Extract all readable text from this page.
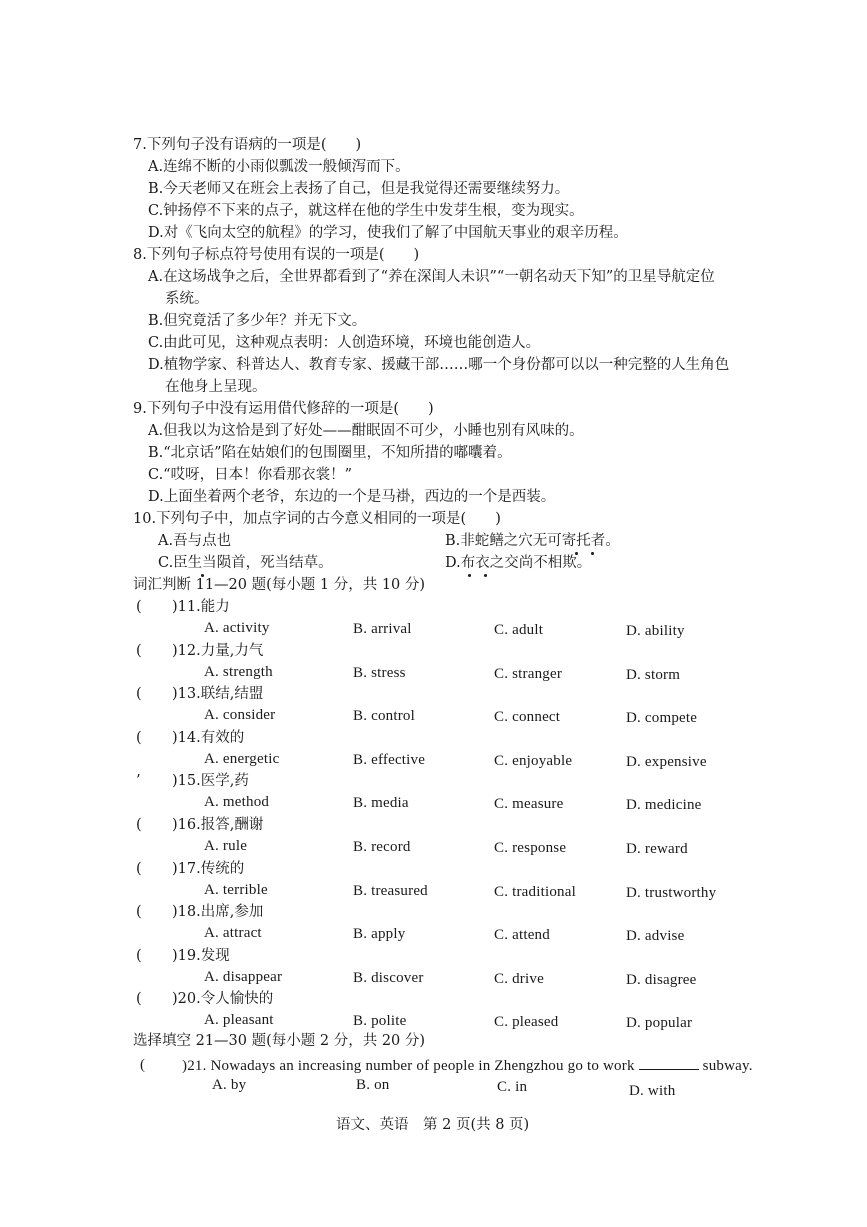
7.下列句子没有语病的一项是(　　)
A.连绵不断的小雨似瓢泼一般倾泻而下。
B.今天老师又在班会上表扬了自己，但是我觉得还需要继续努力。
C.钟扬停不下来的点子，就这样在他的学生中发芽生根，变为现实。
D.对《飞向太空的航程》的学习，使我们了解了中国航天事业的艰辛历程。
8.下列句子标点符号使用有误的一项是(　　)
A.在这场战争之后，全世界都看到了“养在深闺人未识”“一朝名动天下知”的卫星导航定位
系统。
B.但究竟活了多少年？并无下文。
C.由此可见，这种观点表明：人创造环境，环境也能创造人。
D.植物学家、科普达人、教育专家、援藏干部……哪一个身份都可以以一种完整的人生角色
在他身上呈现。
9.下列句子中没有运用借代修辞的一项是(　　)
A.但我以为这恰是到了好处——酣眠固不可少，小睡也别有风味的。
B.“北京话”陷在姑娘们的包围圈里，不知所措的嘟囔着。
C.“哎呀，日本！你看那衣裳！”
D.上面坐着两个老爷，东边的一个是马褂，西边的一个是西装。
10.下列句子中，加点字词的古今意义相同的一项是(　　)
A.吾与点也	B.非蛇鳝之穴无可寄托者。
C.臣生当陨首，死当结草。	D.布衣之交尚不相欺。
词汇判断 11—20 题(每小题 1 分，共 10 分)
(　　 )11.能力
A. activity	B. arrival	C. adult	D. ability
(　　 )12.力量,力气
A. strength	B. stress	C. stranger	D. storm
(　　 )13.联结,结盟
A. consider	B. control	C. connect	D. compete
(　　 )14.有效的
A. energetic	B. effective	C. enjoyable	D. expensive
’ )15.医学,药
A. method	B. media	C. measure	D. medicine
(　　 )16.报答,酬谢
A. rule	B. record	C. response	D. reward
(　　 )17.传统的
A. terrible	B. treasured	C. traditional	D. trustworthy
(　　 )18.出席,参加
A. attract	B. apply	C. attend	D. advise
(　　 )19.发现
A. disappear	B. discover	C. drive	D. disagree
(　　 )20.令人愉快的
A. pleasant	B. polite	C. pleased	D. popular
选择填空 21—30 题(每小题 2 分，共 20 分)
(　　 )21. Nowadays an increasing number of people in Zhengzhou go to work	subway.
A. by	B. on	C. in	D. with
语文、英语　第 2 页(共 8 页)
